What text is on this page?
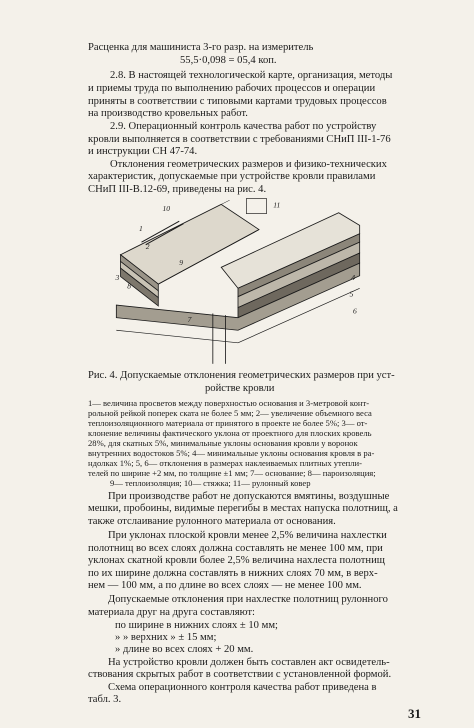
Расценка для машиниста 3-го разр. на измеритель
55,5·0,098 = 05,4 коп.
2.8. В настоящей технологической карте, организация, методы
и приемы труда по выполнению рабочих процессов и операции
приняты в соответствии с типовыми картами трудовых процессов
на производство кровельных работ.
2.9. Операционный контроль качества работ по устройству
кровли выполняется в соответствии с требованиями СНиП III-1-76
и инструкции СН 47-74.
Отклонения геометрических размеров и физико-технических
характеристик, допускаемые при устройстве кровли правилами
СНиП III-В.12-69, приведены на рис. 4.
10	11
1
2
3	4
5
6
7
8
9
Рис. 4. Допускаемые отклонения геометрических размеров при уст-
ройстве кровли
1— величина просветов между поверхностью основания и 3-метровой конт-
рольной рейкой поперек ската не более 5 мм; 2— увеличение объемного веса
теплоизоляционного материала от принятого в проекте не более 5%; 3— от-
клонение величины фактического уклона от проектного для плоских кровель
28%, для скатных 5%, минимальные уклоны основания кровли у воронок
внутренних водостоков 5%; 4— минимальные уклоны основания кровля в ра-
ндолках 1%; 5, 6— отклонения в размерах наклеиваемых плитных утепли-
телей по ширине +2 мм, по толщине ±1 мм; 7— основание; 8— пароизоляция;
9— теплоизоляция; 10— стяжка; 11— рулонный ковер
При производстве работ не допускаются вмятины, воздушные
мешки, пробоины, видимые перегибы в местах напуска полотнищ, а
также отслаивание рулонного материала от основания.
При уклонах плоской кровли менее 2,5% величина нахлестки
полотнищ во всех слоях должна составлять не менее 100 мм, при
уклонах скатной кровли более 2,5% величина нахлеста полотнищ
по их ширине должна составлять в нижних слоях 70 мм, в верх-
нем — 100 мм, а по длине во всех слоях — не менее 100 мм.
Допускаемые отклонения при нахлестке полотнищ рулонного
материала друг на друга составляют:
по ширине в нижних слоях ± 10 мм;
» » верхних » ± 15 мм;
» длине во всех слоях + 20 мм.
На устройство кровли должен быть составлен акт освидетель-
ствования скрытых работ в соответствии с установленной формой.
Схема операционного контроля качества работ приведена в
табл. 3.
31
